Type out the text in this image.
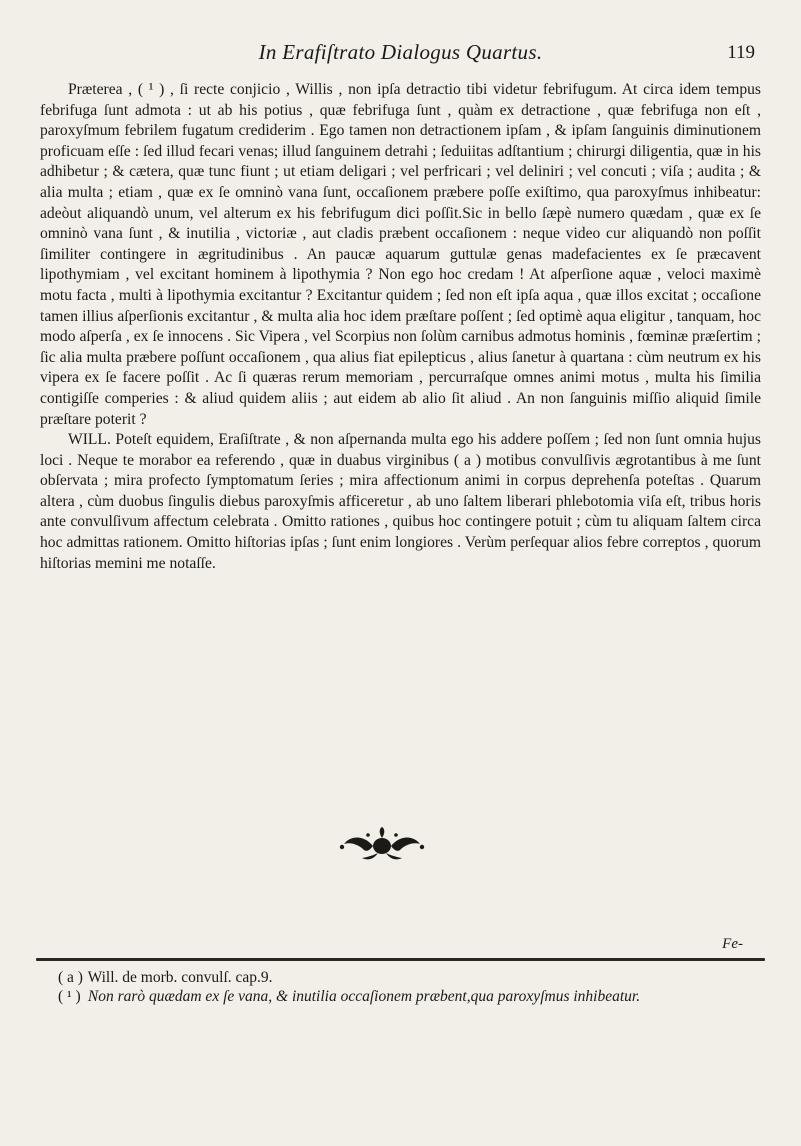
In Erafiſtrato Dialogus Quartus.	119

Præterea , ( ¹ ) , ſi recte conjicio , Willis , non ipſa detractio tibi videtur febrifugum. At circa idem tempus febrifuga ſunt admota : ut ab his potius , quæ febrifuga ſunt , quàm ex detractione , quæ febrifuga non eſt , paroxyſmum febrilem fugatum crediderim . Ego tamen non detractionem ipſam , & ipſam ſanguinis diminutionem proficuam eſſe : ſed illud fecari venas; illud ſanguinem detrahi ; ſeduiitas adſtantium ; chirurgi diligentia, quæ in his adhibetur ; & cætera, quæ tunc fiunt ; ut etiam deligari ; vel perfricari ; vel deliniri ; vel concuti ; viſa ; audita ; & alia multa ; etiam , quæ ex ſe omninò vana ſunt, occaſionem præbere poſſe exiſtimo, qua paroxyſmus inhibeatur: adeòut aliquandò unum, vel alterum ex his febrifugum dici poſſit.Sic in bello ſæpè numero quædam , quæ ex ſe omninò vana ſunt , & inutilia , victoriæ , aut cladis præbent occaſionem : neque video cur aliquandò non poſſit ſimiliter contingere in ægritudinibus . An paucæ aquarum guttulæ genas madefacientes ex ſe præcavent lipothymiam , vel excitant hominem à lipothymia ? Non ego hoc credam ! At aſperſione aquæ , veloci maximè motu facta , multi à lipothymia excitantur ? Excitantur quidem ; ſed non eſt ipſa aqua , quæ illos excitat ; occaſione tamen illius aſperſionis excitantur , & multa alia hoc idem præſtare poſſent ; ſed optimè aqua eligitur , tanquam, hoc modo aſperſa , ex ſe innocens . Sic Vipera , vel Scorpius non ſolùm carnibus admotus hominis , fœminæ præſertim ; ſic alia multa præbere poſſunt occaſionem , qua alius fiat epilepticus , alius ſanetur à quartana : cùm neutrum ex his vipera ex ſe facere poſſit . Ac ſi quæras rerum memoriam , percurraſque omnes animi motus , multa his ſimilia contigiſſe comperies : & aliud quidem aliis ; aut eidem ab alio ſit aliud . An non ſanguinis miſſio aliquid ſimile præſtare poterit ?

WILL. Poteſt equidem, Eraſiſtrate , & non aſpernanda multa ego his addere poſſem ; ſed non ſunt omnia hujus loci . Neque te morabor ea referendo , quæ in duabus virginibus ( a ) motibus convulſivis ægrotantibus à me ſunt obſervata ; mira profecto ſymptomatum ſeries ; mira affectionum animi in corpus deprehenſa poteſtas . Quarum altera , cùm duobus ſingulis diebus paroxyſmis afficeretur , ab uno ſaltem liberari phlebotomia viſa eſt, tribus horis ante convulſivum affectum celebrata . Omitto rationes , quibus hoc contingere potuit ; cùm tu aliquam ſaltem circa hoc admittas rationem. Omitto hiſtorias ipſas ; ſunt enim longiores . Verùm perſequar alios febre correptos , quorum hiſtorias memini me notaſſe.

Fe-

( a ) Will. de morb. convulſ. cap.9.

( ¹ ) Non rarò quædam ex ſe vana, & inutilia occaſionem præbent,qua paroxyſmus inhibeatur.
